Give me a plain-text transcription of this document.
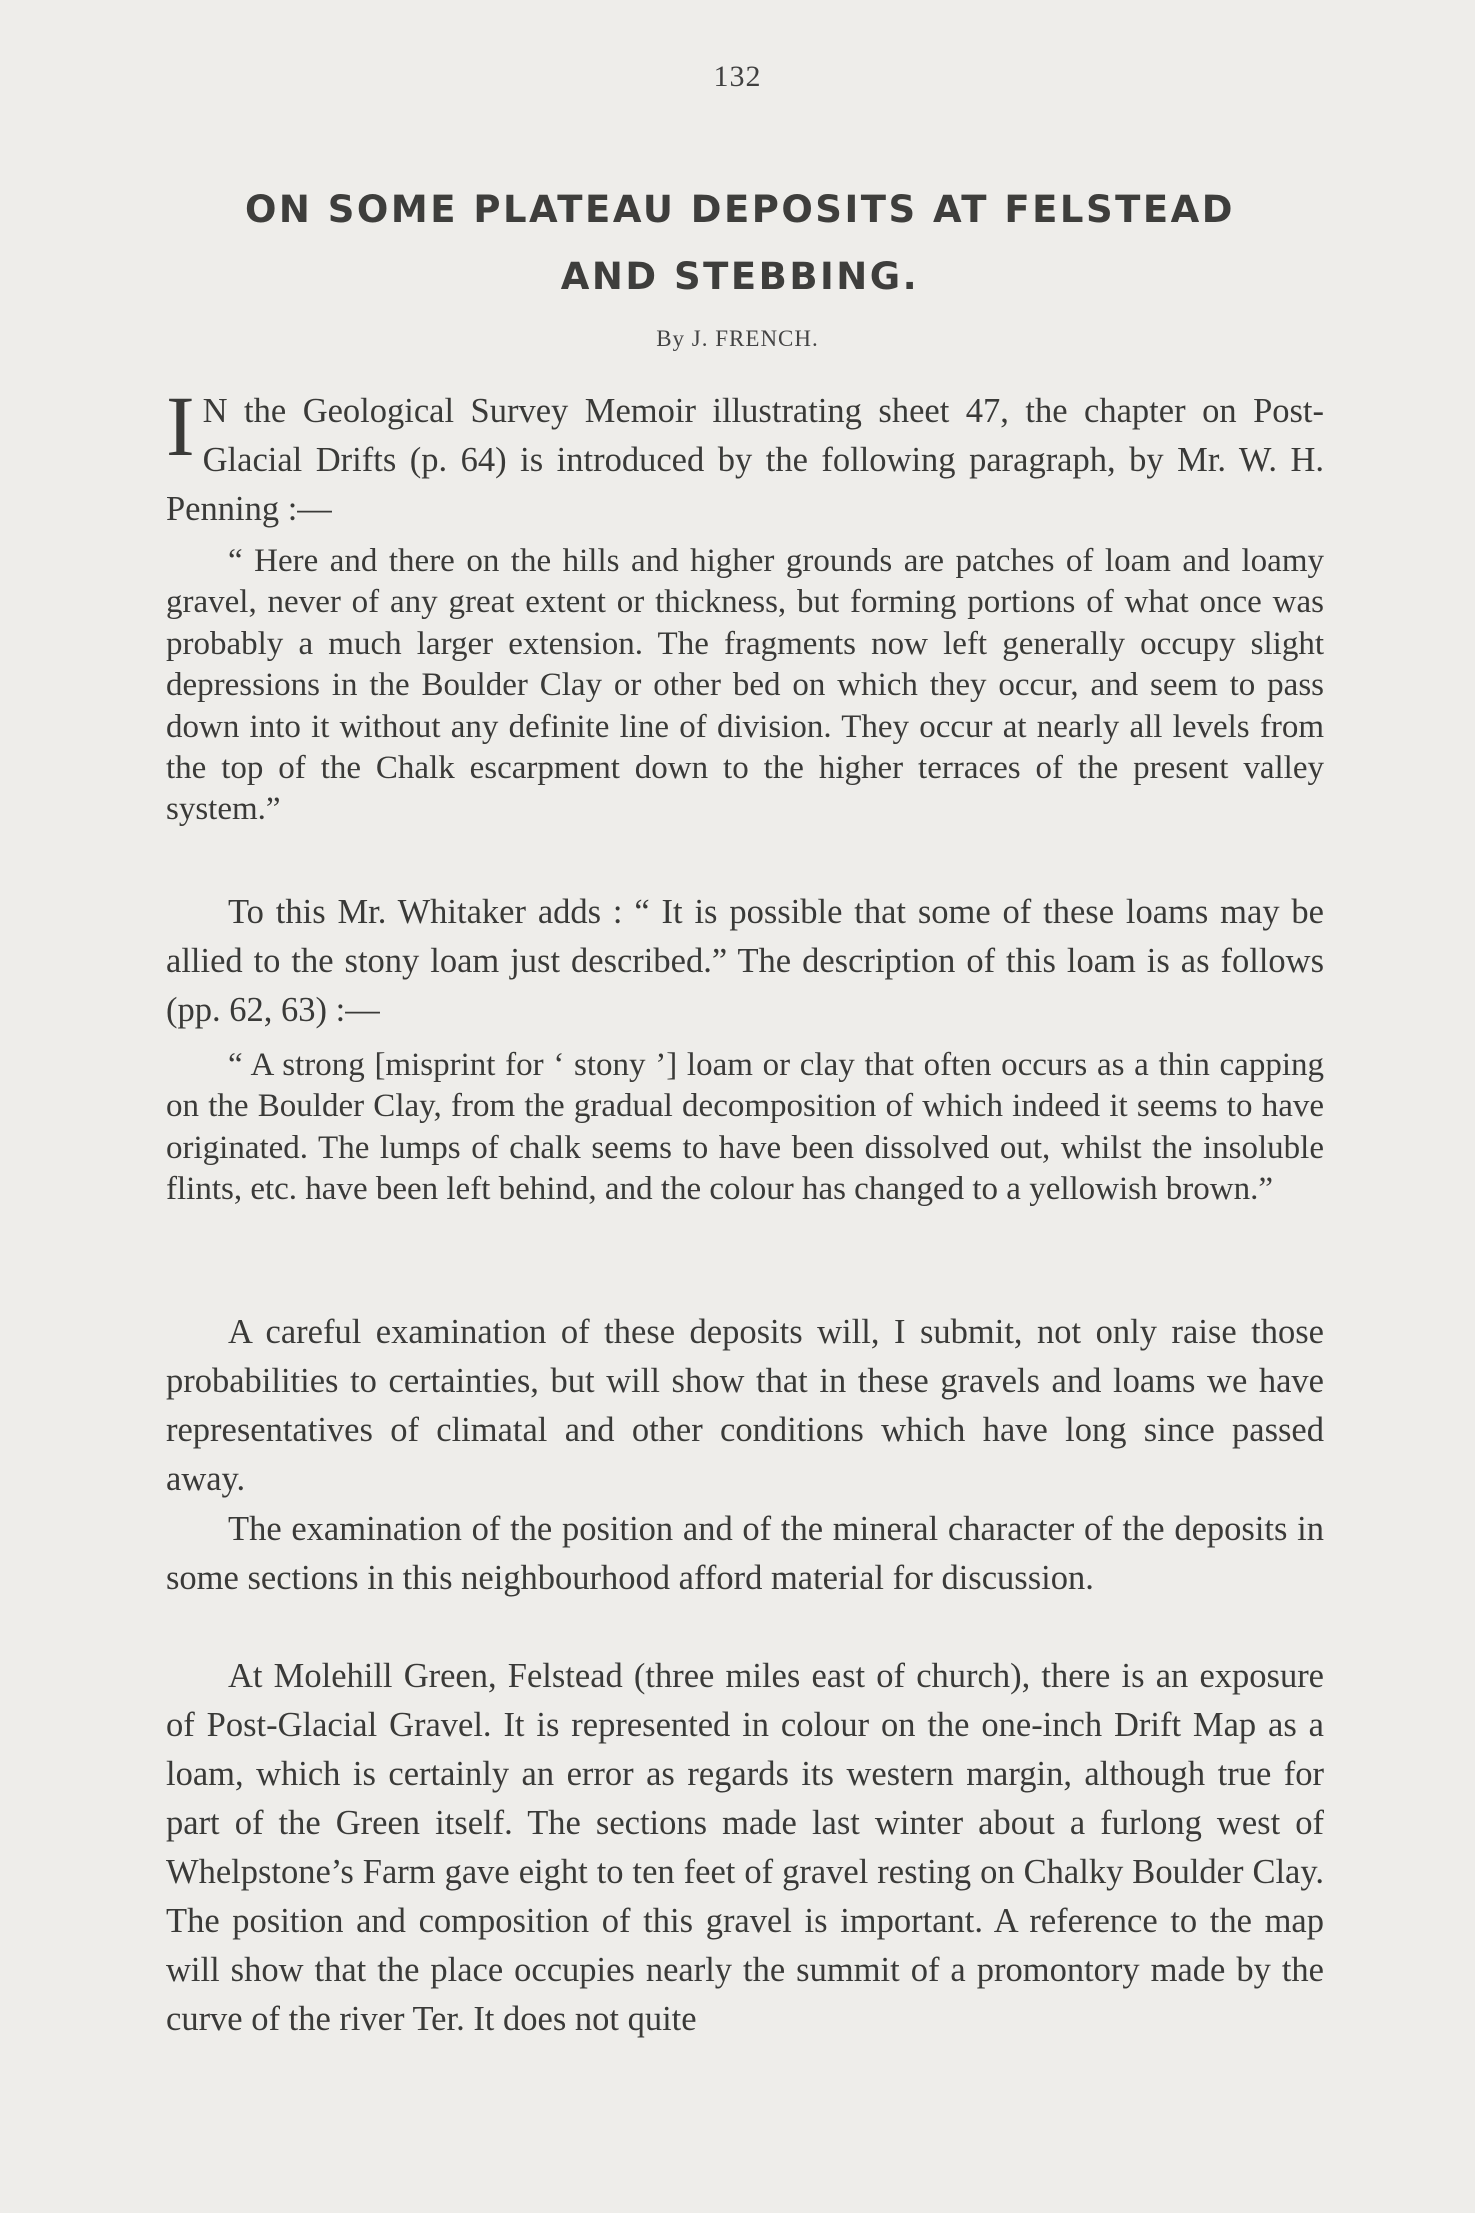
132
ON SOME PLATEAU DEPOSITS AT FELSTEAD
AND STEBBING.
By J. FRENCH.

I N the Geological Survey Memoir illustrating sheet 47, the chapter on Post-Glacial Drifts (p. 64) is introduced by the following paragraph, by Mr. W. H. Penning :—

“ Here and there on the hills and higher grounds are patches of loam and loamy gravel, never of any great extent or thickness, but forming portions of what once was probably a much larger extension. The fragments now left generally occupy slight depressions in the Boulder Clay or other bed on which they occur, and seem to pass down into it without any definite line of division. They occur at nearly all levels from the top of the Chalk escarpment down to the higher terraces of the present valley system.”

To this Mr. Whitaker adds : “ It is possible that some of these loams may be allied to the stony loam just described.” The description of this loam is as follows (pp. 62, 63) :—

“ A strong [misprint for ‘ stony ’] loam or clay that often occurs as a thin capping on the Boulder Clay, from the gradual decomposition of which indeed it seems to have originated. The lumps of chalk seems to have been dissolved out, whilst the insoluble flints, etc. have been left behind, and the colour has changed to a yellowish brown.”

A careful examination of these deposits will, I submit, not only raise those probabilities to certainties, but will show that in these gravels and loams we have representatives of climatal and other conditions which have long since passed away.

The examination of the position and of the mineral character of the deposits in some sections in this neighbourhood afford material for discussion.

At Molehill Green, Felstead (three miles east of church), there is an exposure of Post-Glacial Gravel. It is represented in colour on the one-inch Drift Map as a loam, which is certainly an error as regards its western margin, although true for part of the Green itself. The sections made last winter about a furlong west of Whelpstone’s Farm gave eight to ten feet of gravel resting on Chalky Boulder Clay. The position and composition of this gravel is important. A reference to the map will show that the place occupies nearly the summit of a promontory made by the curve of the river Ter. It does not quite
